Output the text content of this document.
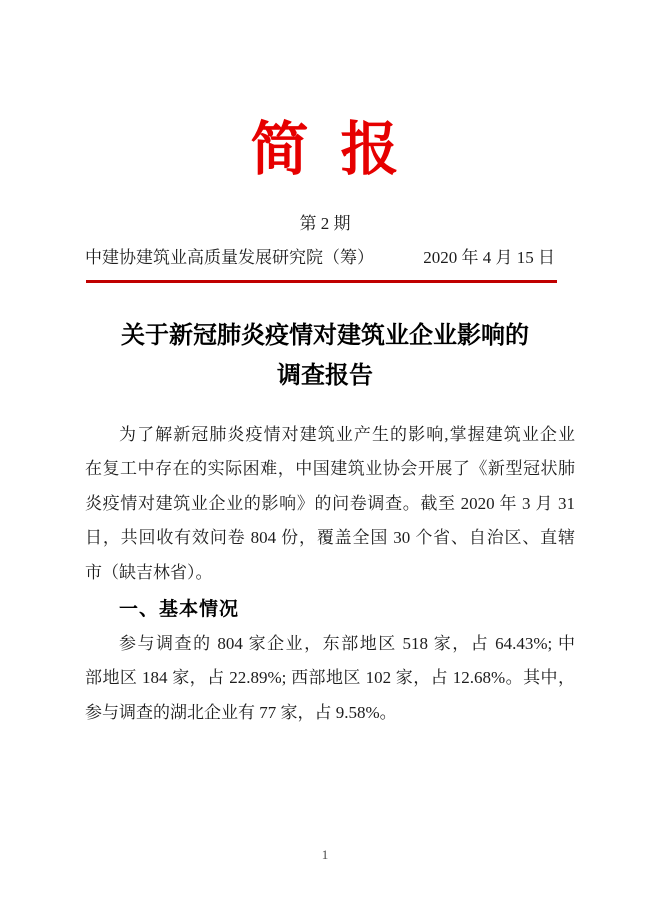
简  报
第 2 期
中建协建筑业高质量发展研究院（筹）	2020 年 4 月 15 日
关于新冠肺炎疫情对建筑业企业影响的
调查报告
为了解新冠肺炎疫情对建筑业产生的影响,掌握建筑业企业
在复工中存在的实际困难，中国建筑业协会开展了《新型冠状肺
炎疫情对建筑业企业的影响》的问卷调查。截至 2020 年 3 月 31
日，共回收有效问卷 804 份，覆盖全国 30 个省、自治区、直辖
市（缺吉林省）。
一、基本情况
参与调查的 804 家企业，东部地区 518 家，占 64.43%; 中
部地区 184 家，占 22.89%; 西部地区 102 家，占 12.68%。其中，
参与调查的湖北企业有 77 家，占 9.58%。
1
